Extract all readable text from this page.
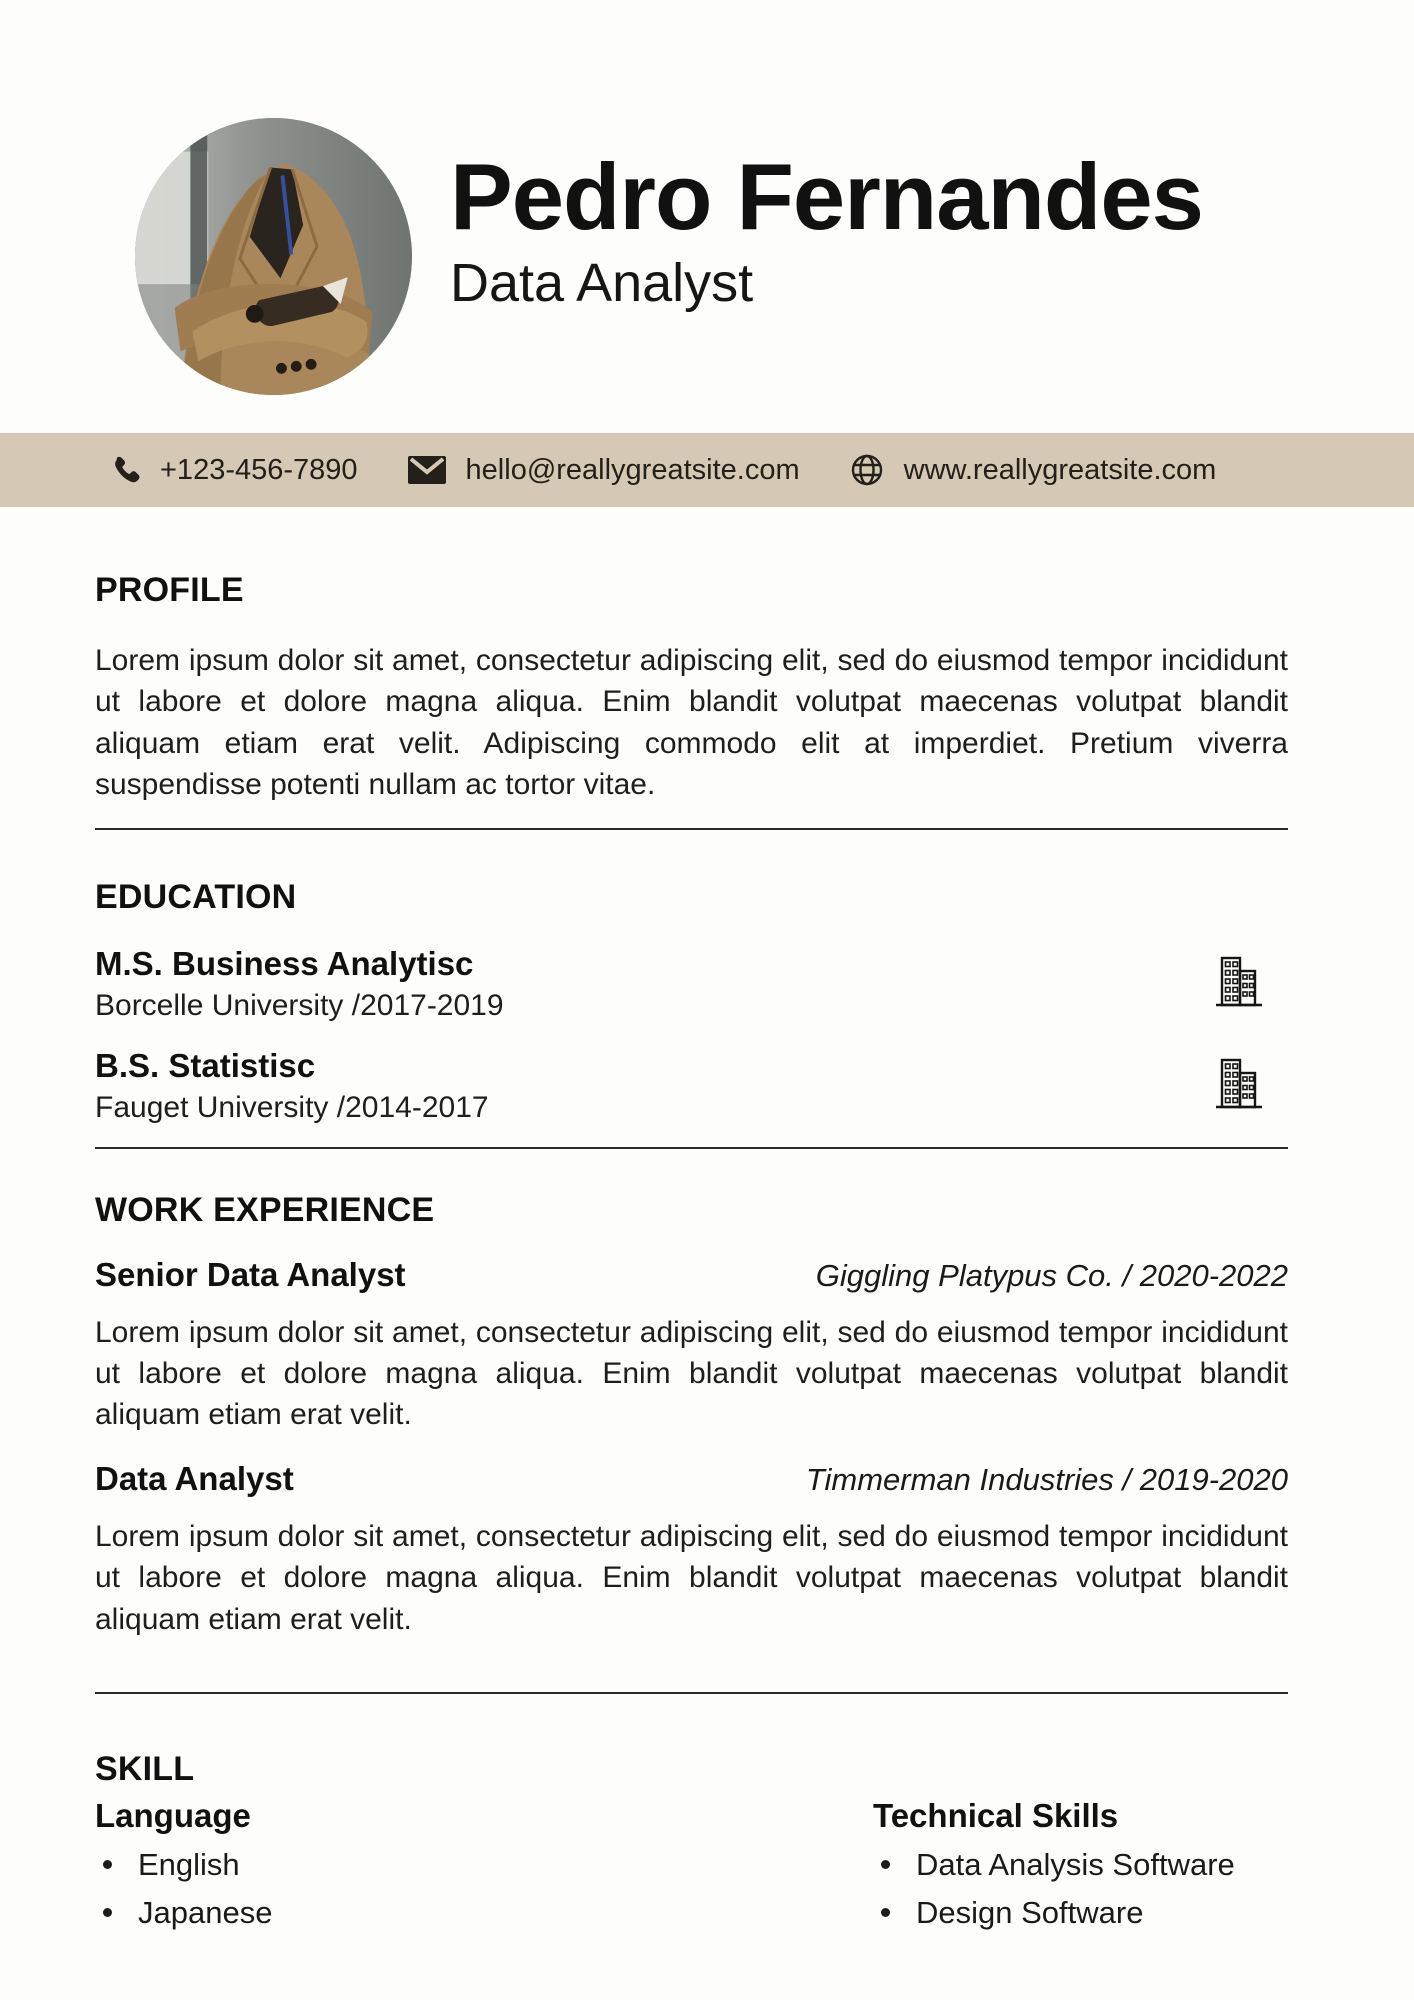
Pedro Fernandes
Data Analyst
+123-456-7890	hello@reallygreatsite.com	www.reallygreatsite.com
PROFILE

Lorem ipsum dolor sit amet, consectetur adipiscing elit, sed do eiusmod tempor incididunt ut labore et dolore magna aliqua. Enim blandit volutpat maecenas volutpat blandit aliquam etiam erat velit. Adipiscing commodo elit at imperdiet. Pretium viverra suspendisse potenti nullam ac tortor vitae.

EDUCATION
M.S. Business Analytisc
Borcelle University /2017-2019
B.S. Statistisc
Fauget University /2014-2017
WORK EXPERIENCE
Senior Data Analyst	Giggling Platypus Co. / 2020-2022

Lorem ipsum dolor sit amet, consectetur adipiscing elit, sed do eiusmod tempor incididunt ut labore et dolore magna aliqua. Enim blandit volutpat maecenas volutpat blandit aliquam etiam erat velit.

Data Analyst	Timmerman Industries / 2019-2020

Lorem ipsum dolor sit amet, consectetur adipiscing elit, sed do eiusmod tempor incididunt ut labore et dolore magna aliqua. Enim blandit volutpat maecenas volutpat blandit aliquam etiam erat velit.

SKILL
Language
English
Japanese
Technical Skills
Data Analysis Software
Design Software
